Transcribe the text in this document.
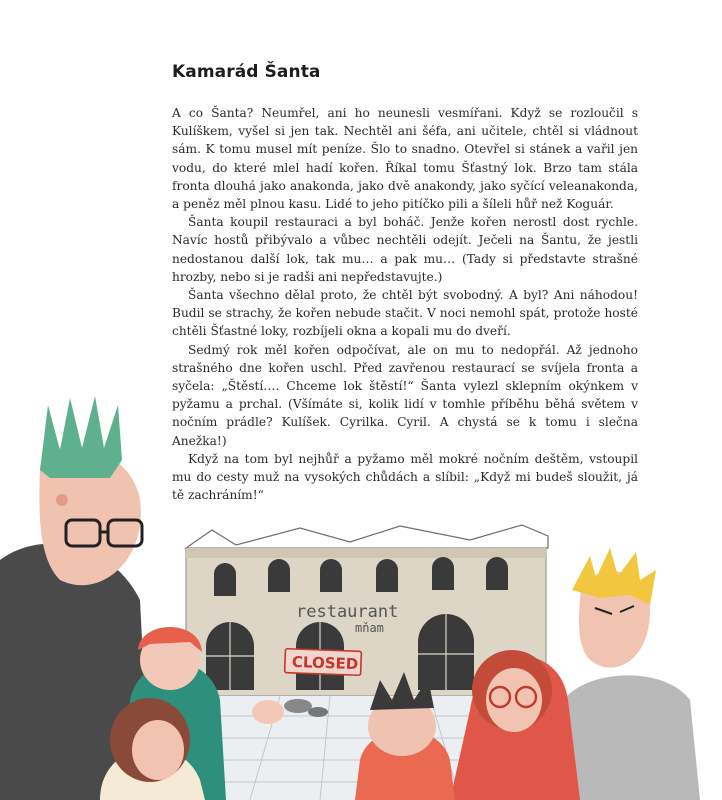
Kamarád Šanta

A co Šanta? Neumřel, ani ho neunesli vesmířani. Když se rozloučil s Kulíškem, vyšel si jen tak. Nechtěl ani šéfa, ani učitele, chtěl si vládnout sám. K tomu musel mít peníze. Šlo to snadno. Otevřel si stánek a vařil jen vodu, do které mlel hadí kořen. Říkal tomu Šťastný lok. Brzo tam stála fronta dlouhá jako anakonda, jako dvě anakondy, jako syčící veleanakonda, a peněz měl plnou kasu. Lidé to jeho pitíčko pili a šíleli hůř než Koguár.

Šanta koupil restauraci a byl boháč. Jenže kořen nerostl dost rychle. Navíc hostů přibývalo a vůbec nechtěli odejít. Ječeli na Šantu, že jestli nedostanou další lok, tak mu… a pak mu… (Tady si představte strašné hrozby, nebo si je radši ani nepředstavujte.)

Šanta všechno dělal proto, že chtěl být svobodný. A byl? Ani náhodou! Budil se strachy, že kořen nebude stačit. V noci nemohl spát, protože hosté chtěli Šťastné loky, rozbíjeli okna a kopali mu do dveří.

Sedmý rok měl kořen odpočívat, ale on mu to nedopřál. Až jednoho strašného dne kořen uschl. Před zavřenou restaurací se svíjela fronta a syčela: „Štěstí…. Chceme lok štěstí!“ Šanta vylezl sklepním okýnkem v pyžamu a prchal. (Všímáte si, kolik lidí v tomhle příběhu běhá světem v nočním prádle? Kulíšek. Cyrilka. Cyril. A chystá se k tomu i slečna Anežka!)

Když na tom byl nejhůř a pyžamo měl mokré nočním deštěm, vstoupil mu do cesty muž na vysokých chůdách a slíbil: „Když mi budeš sloužit, já tě zachráním!“

restaurant
mňam
CLOSED
